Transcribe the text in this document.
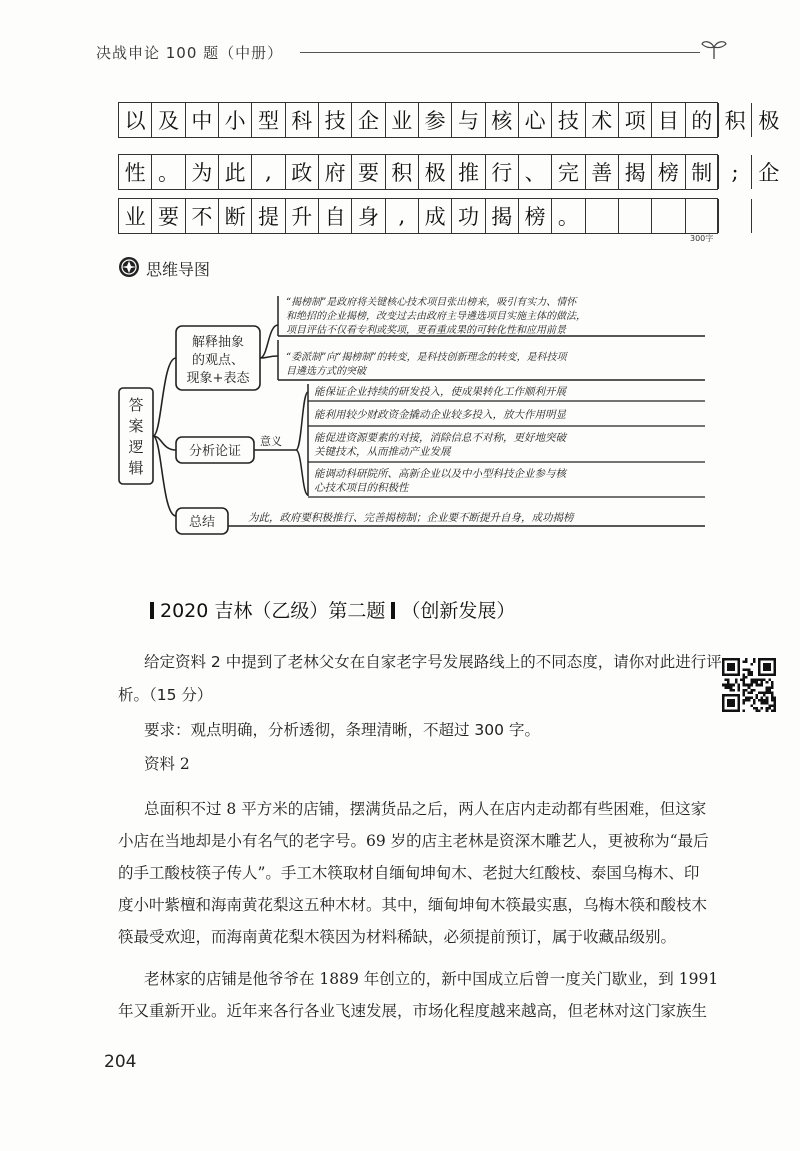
决战申论 100 题（中册）
以 及 中 小 型 科 技 企 业 参 与 核 心 技 术 项 目 的 积 极
性 。 为 此 , 政 府 要 积 极 推 行 、 完 善 揭 榜 制 ; 企
业 要 不 断 提 升 自 身 , 成 功 揭 榜 。
300字
思维导图
答
案
逻
辑
解释抽象
的观点、
现象+表态
“揭榜制”是政府将关键核心技术项目张出榜来，吸引有实力、情怀
和绝招的企业揭榜，改变过去由政府主导遴选项目实施主体的做法，
项目评估不仅看专利或奖项，更看重成果的可转化性和应用前景
“委派制”向“揭榜制”的转变，是科技创新理念的转变，是科技项
目遴选方式的突破
分析论证
意义
能保证企业持续的研发投入，使成果转化工作顺利开展
能利用较少财政资金撬动企业较多投入，放大作用明显
能促进资源要素的对接，消除信息不对称，更好地突破
关键技术，从而推动产业发展
能调动科研院所、高新企业以及中小型科技企业参与核
心技术项目的积极性
总结	为此，政府要积极推行、完善揭榜制；企业要不断提升自身，成功揭榜
2020 吉林（乙级）第二题 （创新发展）
给定资料 2 中提到了老林父女在自家老字号发展路线上的不同态度，请你对此进行评
析。（15 分）
要求：观点明确，分析透彻，条理清晰，不超过 300 字。
资料 2
总面积不过 8 平方米的店铺，摆满货品之后，两人在店内走动都有些困难，但这家
小店在当地却是小有名气的老字号。69 岁的店主老林是资深木雕艺人，更被称为“最后
的手工酸枝筷子传人”。手工木筷取材自缅甸坤甸木、老挝大红酸枝、泰国乌梅木、印
度小叶紫檀和海南黄花梨这五种木材。其中，缅甸坤甸木筷最实惠，乌梅木筷和酸枝木
筷最受欢迎，而海南黄花梨木筷因为材料稀缺，必须提前预订，属于收藏品级别。
老林家的店铺是他爷爷在 1889 年创立的，新中国成立后曾一度关门歇业，到 1991
年又重新开业。近年来各行各业飞速发展，市场化程度越来越高，但老林对这门家族生
204
